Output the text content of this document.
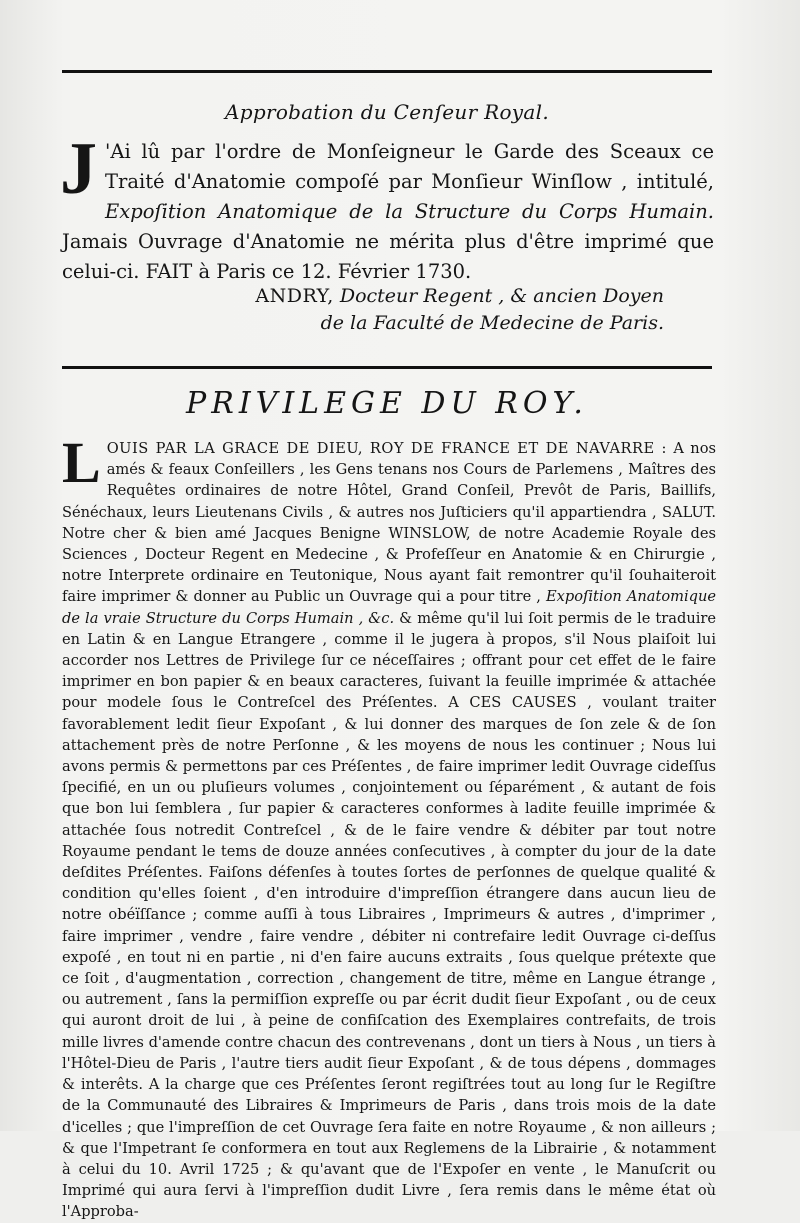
Approbation du Cenſeur Royal.
J 'Ai lû par l'ordre de Monſeigneur le Garde des Sceaux ce Traité d'Anatomie compoſé par Monſieur Winſlow , intitulé, Expoſition Anatomique de la Structure du Corps Humain. Jamais Ouvrage d'Anatomie ne mérita plus d'être imprimé que celui-ci. FAIT à Paris ce 12. Février 1730.
ANDRY, Docteur Regent , & ancien Doyen
de la Faculté de Medecine de Paris.
PRIVILEGE DU ROY.
LOUIS PAR LA GRACE DE DIEU, ROY DE FRANCE ET DE NAVARRE : A nos amés & feaux Conſeillers , les Gens tenans nos Cours de Parlemens , Maîtres des Requêtes ordinaires de notre Hôtel, Grand Conſeil, Prevôt de Paris, Baillifs, Sénéchaux, leurs Lieutenans Civils , & autres nos Juſticiers qu'il appartiendra , SALUT. Notre cher & bien amé Jacques Benigne WINSLOW, de notre Academie Royale des Sciences , Docteur Regent en Medecine , & Profeſſeur en Anatomie & en Chirurgie , notre Interprete ordinaire en Teutonique, Nous ayant fait remontrer qu'il ſouhaiteroit faire imprimer & donner au Public un Ouvrage qui a pour titre , Expoſition Anatomique de la vraie Structure du Corps Humain , &c. & même qu'il lui ſoit permis de le traduire en Latin & en Langue Etrangere , comme il le jugera à propos, s'il Nous plaiſoit lui accorder nos Lettres de Privilege ſur ce néceſſaires ; offrant pour cet effet de le faire imprimer en bon papier & en beaux caracteres, ſuivant la feuille imprimée & attachée pour modele ſous le Contreſcel des Préſentes. A CES CAUSES , voulant traiter favorablement ledit ſieur Expoſant , & lui donner des marques de ſon zele & de ſon attachement près de notre Perſonne , & les moyens de nous les continuer ; Nous lui avons permis & permettons par ces Préſentes , de faire imprimer ledit Ouvrage cideſſus ſpecifié, en un ou pluſieurs volumes , conjointement ou ſéparément , & autant de fois que bon lui ſemblera , ſur papier & caracteres conformes à ladite feuille imprimée & attachée ſous notredit Contreſcel , & de le faire vendre & débiter par tout notre Royaume pendant le tems de douze années conſecutives , à compter du jour de la date deſdites Préſentes. Faiſons défenſes à toutes ſortes de perſonnes de quelque qualité & condition qu'elles ſoient , d'en introduire d'impreſſion étrangere dans aucun lieu de notre obéïſſance ; comme auſſi à tous Libraires , Imprimeurs & autres , d'imprimer , faire imprimer , vendre , faire vendre , débiter ni contrefaire ledit Ouvrage ci-deſſus expoſé , en tout ni en partie , ni d'en faire aucuns extraits , ſous quelque prétexte que ce ſoit , d'augmentation , correction , changement de titre, même en Langue étrange , ou autrement , ſans la permiſſion expreſſe ou par écrit dudit ſieur Expoſant , ou de ceux qui auront droit de lui , à peine de confiſcation des Exemplaires contrefaits, de trois mille livres d'amende contre chacun des contrevenans , dont un tiers à Nous , un tiers à l'Hôtel-Dieu de Paris , l'autre tiers audit ſieur Expoſant , & de tous dépens , dommages & interêts. A la charge que ces Préſentes ſeront regiſtrées tout au long ſur le Regiſtre de la Communauté des Libraires & Imprimeurs de Paris , dans trois mois de la date d'icelles ; que l'impreſſion de cet Ouvrage ſera faite en notre Royaume , & non ailleurs ; & que l'Impetrant ſe conformera en tout aux Reglemens de la Librairie , & notamment à celui du 10. Avril 1725 ; & qu'avant que de l'Expoſer en vente , le Manuſcrit ou Imprimé qui aura ſervi à l'impreſſion dudit Livre , ſera remis dans le même état où l'Approba-
